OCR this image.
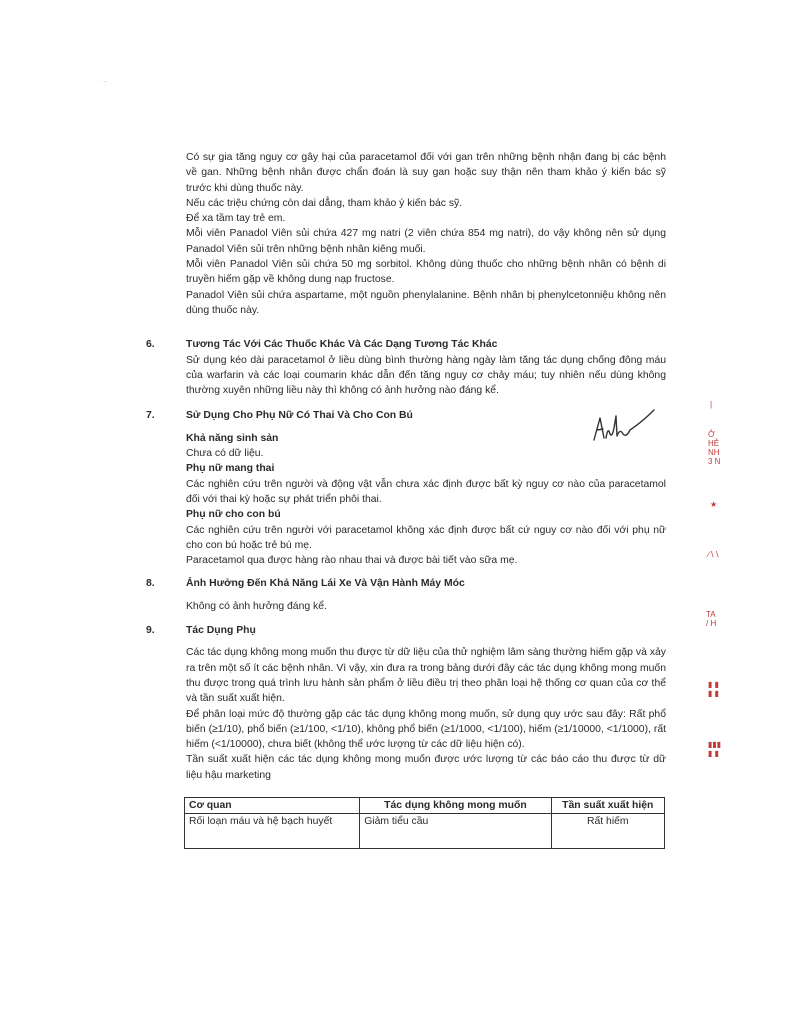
· ..

Có sự gia tăng nguy cơ gây hại của paracetamol đối với gan trên những bệnh nhận đang bị các bệnh về gan. Những bệnh nhân được chẩn đoán là suy gan hoặc suy thận nên tham khảo ý kiến bác sỹ trước khi dùng thuốc này.

Nếu các triệu chứng còn dai dẳng, tham khảo ý kiến bác sỹ.

Để xa tầm tay trẻ em.

Mỗi viên Panadol Viên sủi chứa 427 mg natri (2 viên chứa 854 mg natri), do vậy không nên sử dụng Panadol Viên sủi trên những bệnh nhân kiêng muối.

Mỗi viên Panadol Viên sủi chứa 50 mg sorbitol. Không dùng thuốc cho những bệnh nhân có bệnh di truyền hiếm gặp về không dung nạp fructose.

Panadol Viên sủi chứa aspartame, một nguồn phenylalanine. Bệnh nhân bị phenylcetonniệu không nên dùng thuốc này.

6.	Tương Tác Với Các Thuốc Khác Và Các Dạng Tương Tác Khác

Sử dụng kéo dài paracetamol ở liều dùng bình thường hàng ngày làm tăng tác dụng chống đông máu của warfarin và các loại coumarin khác dẫn đến tăng nguy cơ chảy máu; tuy nhiên nếu dùng không thường xuyên những liều này thì không có ảnh hưởng nào đáng kể.

7.	Sử Dụng Cho Phụ Nữ Có Thai Và Cho Con Bú

Khả năng sinh sản

Chưa có dữ liệu.

Phụ nữ mang thai

Các nghiên cứu trên người và động vật vẫn chưa xác định được bất kỳ nguy cơ nào của paracetamol đối với thai kỳ hoặc sự phát triển phôi thai.

Phụ nữ cho con bú

Các nghiên cứu trên người với paracetamol không xác định được bất cứ nguy cơ nào đối với phụ nữ cho con bú hoặc trẻ bú mẹ.

Paracetamol qua được hàng rào nhau thai và được bài tiết vào sữa mẹ.

8.	Ảnh Hưởng Đến Khả Năng Lái Xe Và Vận Hành Máy Móc

Không có ảnh hưởng đáng kể.

9.	Tác Dụng Phụ

Các tác dụng không mong muốn thu được từ dữ liệu của thử nghiệm lâm sàng thường hiếm gặp và xảy ra trên một số ít các bệnh nhân. Vì vậy, xin đưa ra trong bảng dưới đây các tác dụng không mong muốn thu được trong quá trình lưu hành sản phẩm ở liều điều trị theo phân loại hệ thống cơ quan của cơ thể và tần suất xuất hiện.

Để phân loại mức độ thường gặp các tác dụng không mong muốn, sử dụng quy ước sau đây: Rất phổ biến (≥1/10), phổ biến (≥1/100, <1/10), không phổ biến (≥1/1000, <1/100), hiếm (≥1/10000, <1/1000), rất hiếm (<1/10000), chưa biết (không thể ước lượng từ các dữ liệu hiện có).

Tần suất xuất hiện các tác dụng không mong muốn được ước lượng từ các báo cáo thu được từ dữ liệu hậu marketing

Cơ quan	Tác dụng không mong muốn	Tần suất xuất hiện
Rối loạn máu và hệ bạch huyết	Giảm tiểu cầu	Rất hiếm
|
Ở
HẺ
NH
3 N
★
∕∖∖
TA
/ H
▮ ▮
▮ ▮
▮▮▮
▮ ▮
